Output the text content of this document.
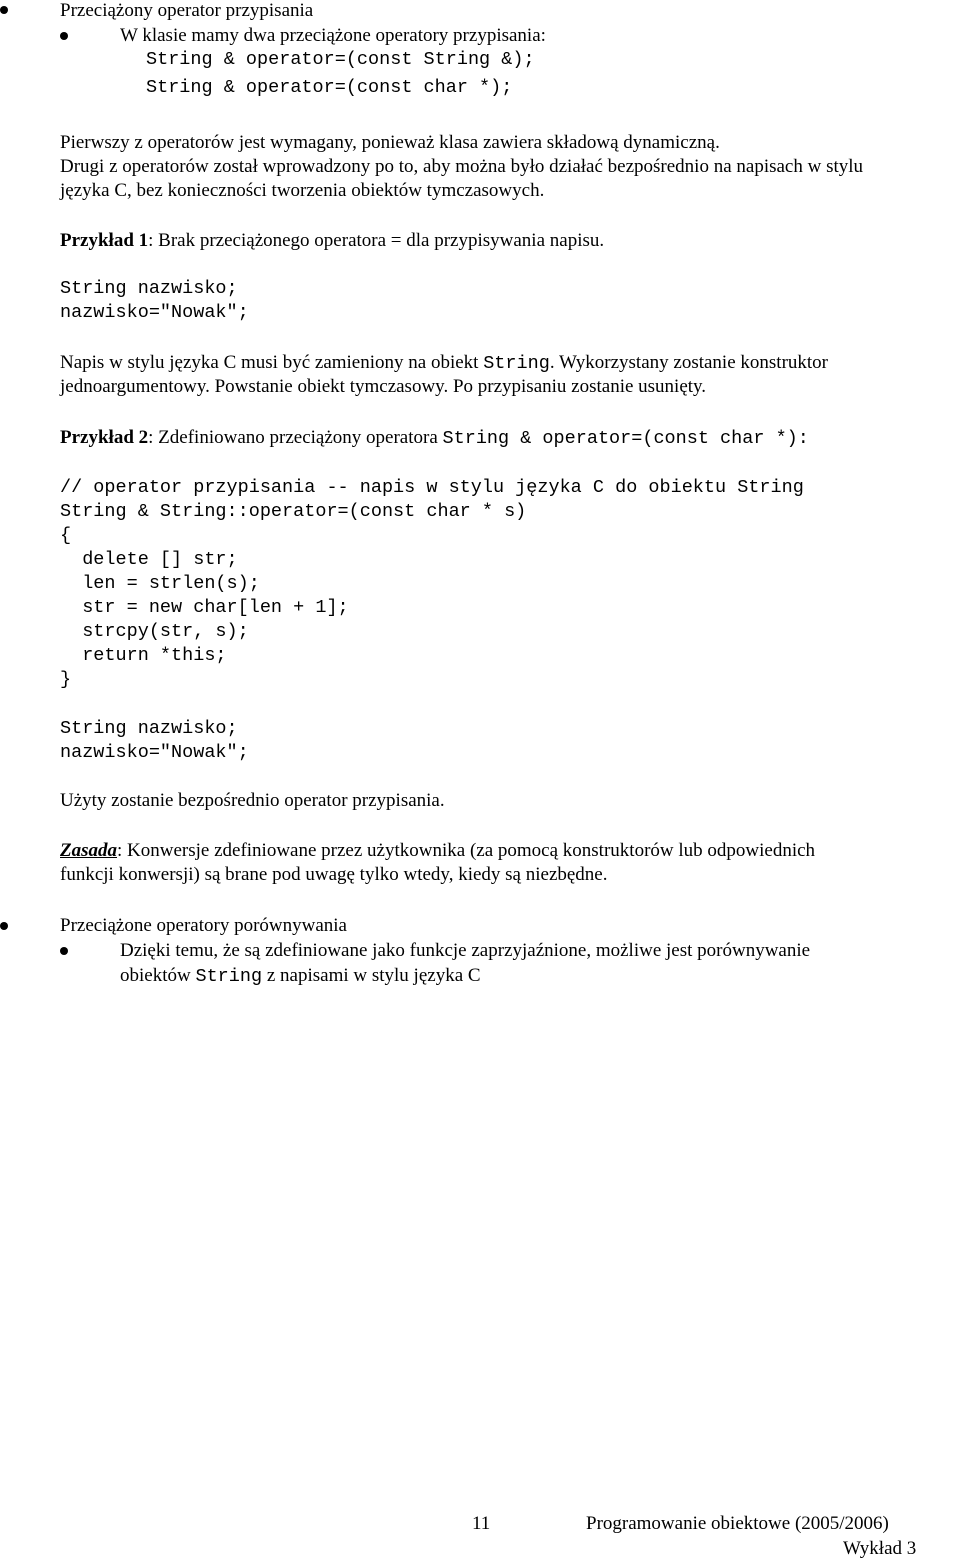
Przeciążony operator przypisania
W klasie mamy dwa przeciążone operatory przypisania:
String & operator=(const String &);
String & operator=(const char *);
Pierwszy z operatorów jest wymagany, ponieważ klasa zawiera składową dynamiczną.
Drugi z operatorów został wprowadzony po to, aby można było działać bezpośrednio na napisach w stylu
języka C, bez konieczności tworzenia obiektów tymczasowych.
Przykład 1: Brak przeciążonego operatora = dla przypisywania napisu.
String nazwisko;
nazwisko="Nowak";
Napis w stylu języka C musi być zamieniony na obiekt String. Wykorzystany zostanie konstruktor
jednoargumentowy. Powstanie obiekt tymczasowy. Po przypisaniu zostanie usunięty.
Przykład 2: Zdefiniowano przeciążony operatora String & operator=(const char *):
// operator przypisania -- napis w stylu języka C do obiektu String
String & String::operator=(const char * s)
{
delete [] str;
len = strlen(s);
str = new char[len + 1];
strcpy(str, s);
return *this;
}
String nazwisko;
nazwisko="Nowak";
Użyty zostanie bezpośrednio operator przypisania.
Zasada: Konwersje zdefiniowane przez użytkownika (za pomocą konstruktorów lub odpowiednich
funkcji konwersji) są brane pod uwagę tylko wtedy, kiedy są niezbędne.
Przeciążone operatory porównywania
Dzięki temu, że są zdefiniowane jako funkcje zaprzyjaźnione, możliwe jest porównywanie
obiektów String z napisami w stylu języka C
11	Programowanie obiektowe (2005/2006)
Wykład 3
